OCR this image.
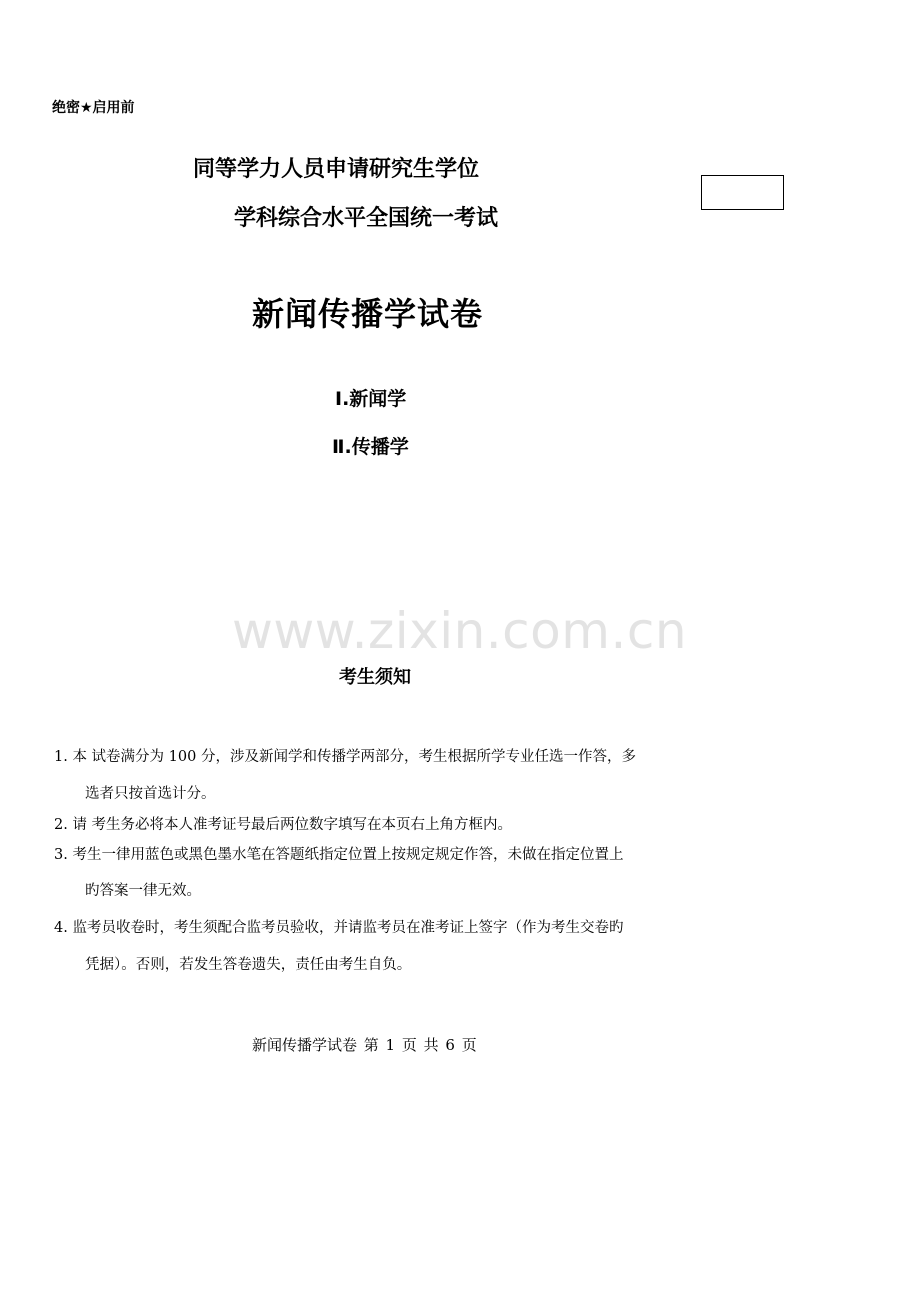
绝密★启用前
同等学力人员申请研究生学位
学科综合水平全国统一考试
新闻传播学试卷
Ⅰ.新闻学
Ⅱ.传播学
www.zixin.com.cn
考生须知
1. 本 试卷满分为 100 分，涉及新闻学和传播学两部分，考生根据所学专业任选一作答，多
选者只按首选计分。
2. 请 考生务必将本人准考证号最后两位数字填写在本页右上角方框内。
3. 考生一律用蓝色或黑色墨水笔在答题纸指定位置上按规定规定作答，未做在指定位置上
旳答案一律无效。
4. 监考员收卷时，考生须配合监考员验收，并请监考员在准考证上签字（作为考生交卷旳
凭据）。否则，若发生答卷遗失，责任由考生自负。
新闻传播学试卷 第 1 页 共 6 页
